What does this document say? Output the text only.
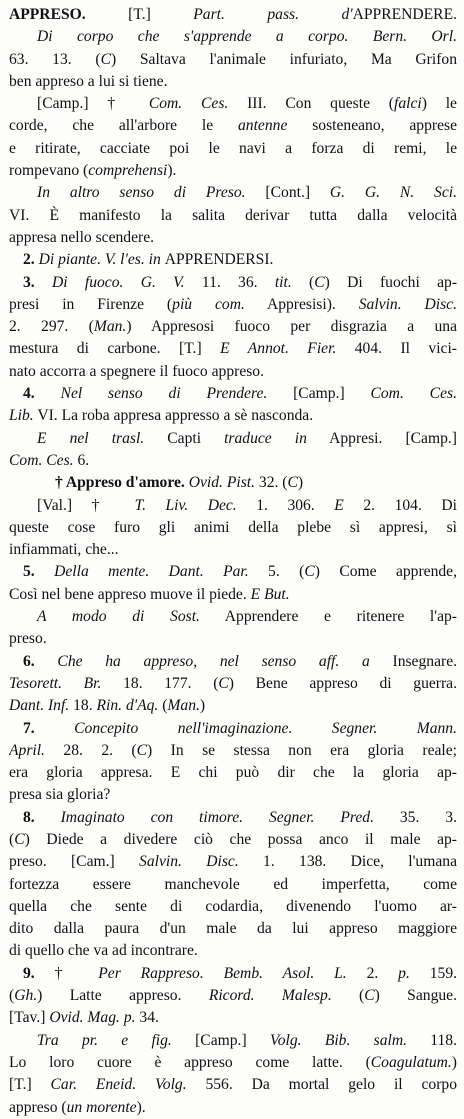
APPRESO. [T.] Part. pass.	d'APPRENDERE.
Di corpo che s'apprende a corpo. Bern. Orl.
63. 13. (C) Saltava l'animale infuriato, Ma Grifon
ben appreso a lui si tiene.
[Camp.] † Com. Ces. III. Con queste (falci) le
corde, che all'arbore le antenne sosteneano, apprese
e ritirate, cacciate poi le navi a forza di remi, le
rompevano (comprehensi).
In altro senso di Preso. [Cont.] G. G. N. Sci.
VI. È manifesto la salita derivar tutta dalla velocità
appresa nello scendere.
2. Di piante. V. l'es. in APPRENDERSI.
3. Di fuoco. G. V. 11. 36. tit. (C) Di fuochi ap-
presi in Firenze (più com. Appresisi). Salvin. Disc.
2. 297. (Man.) Appresosi fuoco per disgrazia a una
mestura di carbone. [T.] E Annot. Fier. 404. Il vici-
nato accorra a spegnere il fuoco appreso.
4. Nel senso di Prendere. [Camp.] Com. Ces.
Lib. VI. La roba appresa appresso a sè nasconda.
E nel trasl. Capti traduce in Appresi. [Camp.]
Com. Ces. 6.
† Appreso d'amore. Ovid. Pist. 32. (C)
[Val.] † T. Liv. Dec. 1. 306. E 2. 104. Di
queste cose furo gli animi della plebe sì appresi, sì
infiammati, che...
5. Della mente. Dant. Par. 5. (C) Come apprende,
Così nel bene appreso muove il piede. E But.
A modo di Sost. Apprendere e ritenere l'ap-
preso.
6. Che ha appreso, nel senso aff. a Insegnare.
Tesorett. Br. 18. 177. (C) Bene appreso di guerra.
Dant. Inf. 18. Rin. d'Aq. (Man.)
7.	Concepito nell'imaginazione. Segner. Mann.
April. 28. 2. (C) In se stessa non era gloria reale;
era gloria appresa. E chi può dir che la gloria ap-
presa sia gloria?
8. Imaginato con timore. Segner. Pred. 35. 3.
(C) Diede a divedere ciò che possa anco il male ap-
preso. [Cam.] Salvin. Disc. 1. 138. Dice, l'umana
fortezza essere manchevole ed imperfetta, come
quella che sente di codardia, divenendo l'uomo ar-
dito dalla paura d'un male da lui appreso maggiore
di quello che va ad incontrare.
9. † Per Rappreso. Bemb. Asol. L. 2. p. 159.
(Gh.) Latte appreso. Ricord. Malesp. (C) Sangue.
[Tav.] Ovid. Mag. p. 34.
Tra pr. e fig. [Camp.] Volg. Bib. salm. 118.
Lo loro cuore è appreso come latte. (Coagulatum.)
[T.] Car. Eneid. Volg. 556. Da mortal gelo il corpo
appreso (un morente).
